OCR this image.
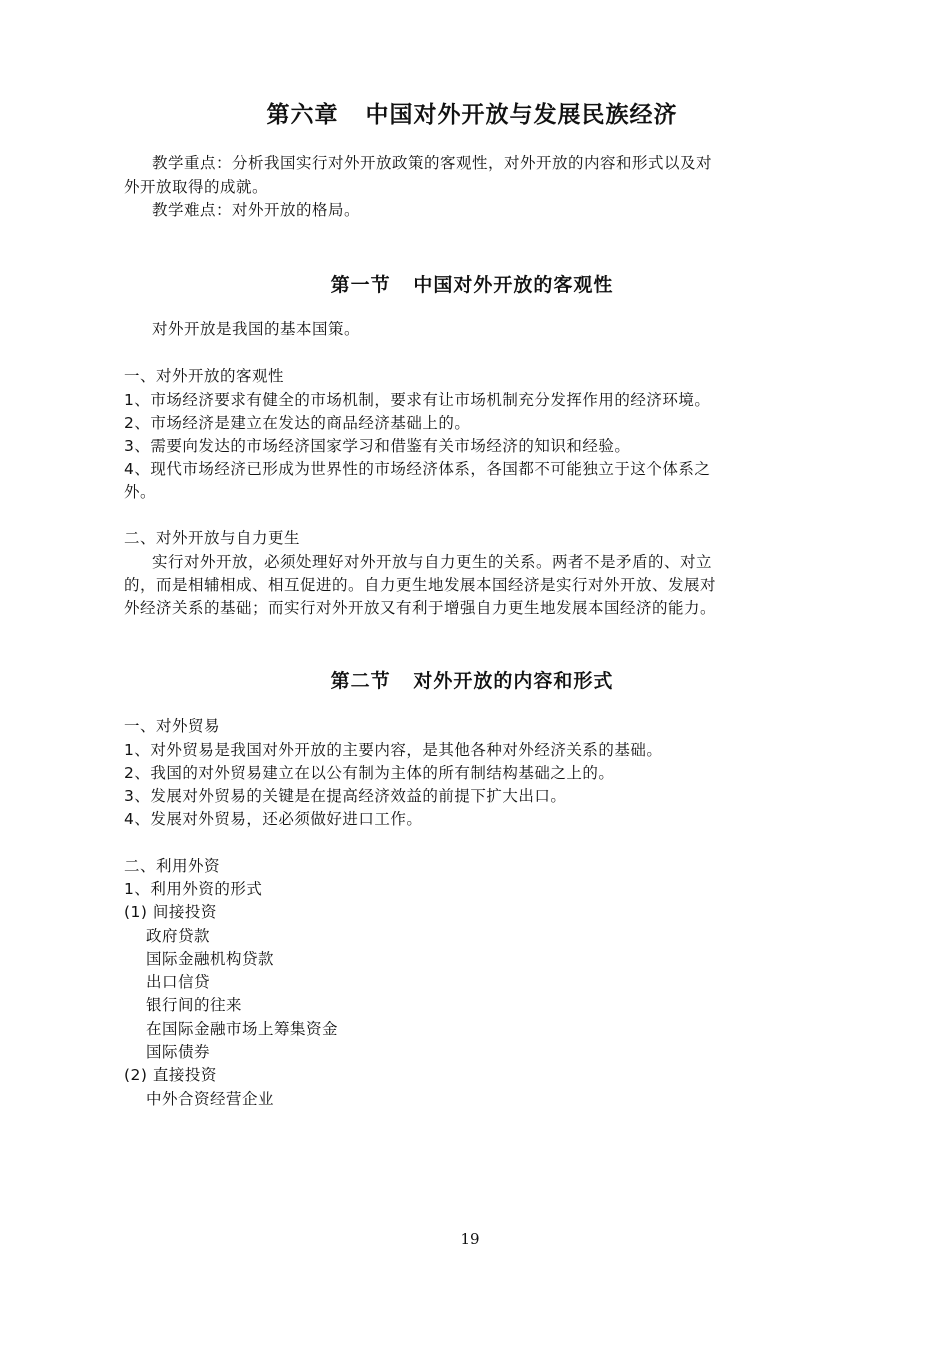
第六章   中国对外开放与发展民族经济
教学重点：分析我国实行对外开放政策的客观性，对外开放的内容和形式以及对
外开放取得的成就。
教学难点：对外开放的格局。
第一节   中国对外开放的客观性
对外开放是我国的基本国策。
一、对外开放的客观性
1、市场经济要求有健全的市场机制，要求有让市场机制充分发挥作用的经济环境。
2、市场经济是建立在发达的商品经济基础上的。
3、需要向发达的市场经济国家学习和借鉴有关市场经济的知识和经验。
4、现代市场经济已形成为世界性的市场经济体系，各国都不可能独立于这个体系之
外。
二、对外开放与自力更生
实行对外开放，必须处理好对外开放与自力更生的关系。两者不是矛盾的、对立
的，而是相辅相成、相互促进的。自力更生地发展本国经济是实行对外开放、发展对
外经济关系的基础；而实行对外开放又有利于增强自力更生地发展本国经济的能力。
第二节   对外开放的内容和形式
一、对外贸易
1、对外贸易是我国对外开放的主要内容，是其他各种对外经济关系的基础。
2、我国的对外贸易建立在以公有制为主体的所有制结构基础之上的。
3、发展对外贸易的关键是在提高经济效益的前提下扩大出口。
4、发展对外贸易，还必须做好进口工作。
二、利用外资
1、利用外资的形式
(1) 间接投资
政府贷款
国际金融机构贷款
出口信贷
银行间的往来
在国际金融市场上筹集资金
国际债券
(2) 直接投资
中外合资经营企业
19
